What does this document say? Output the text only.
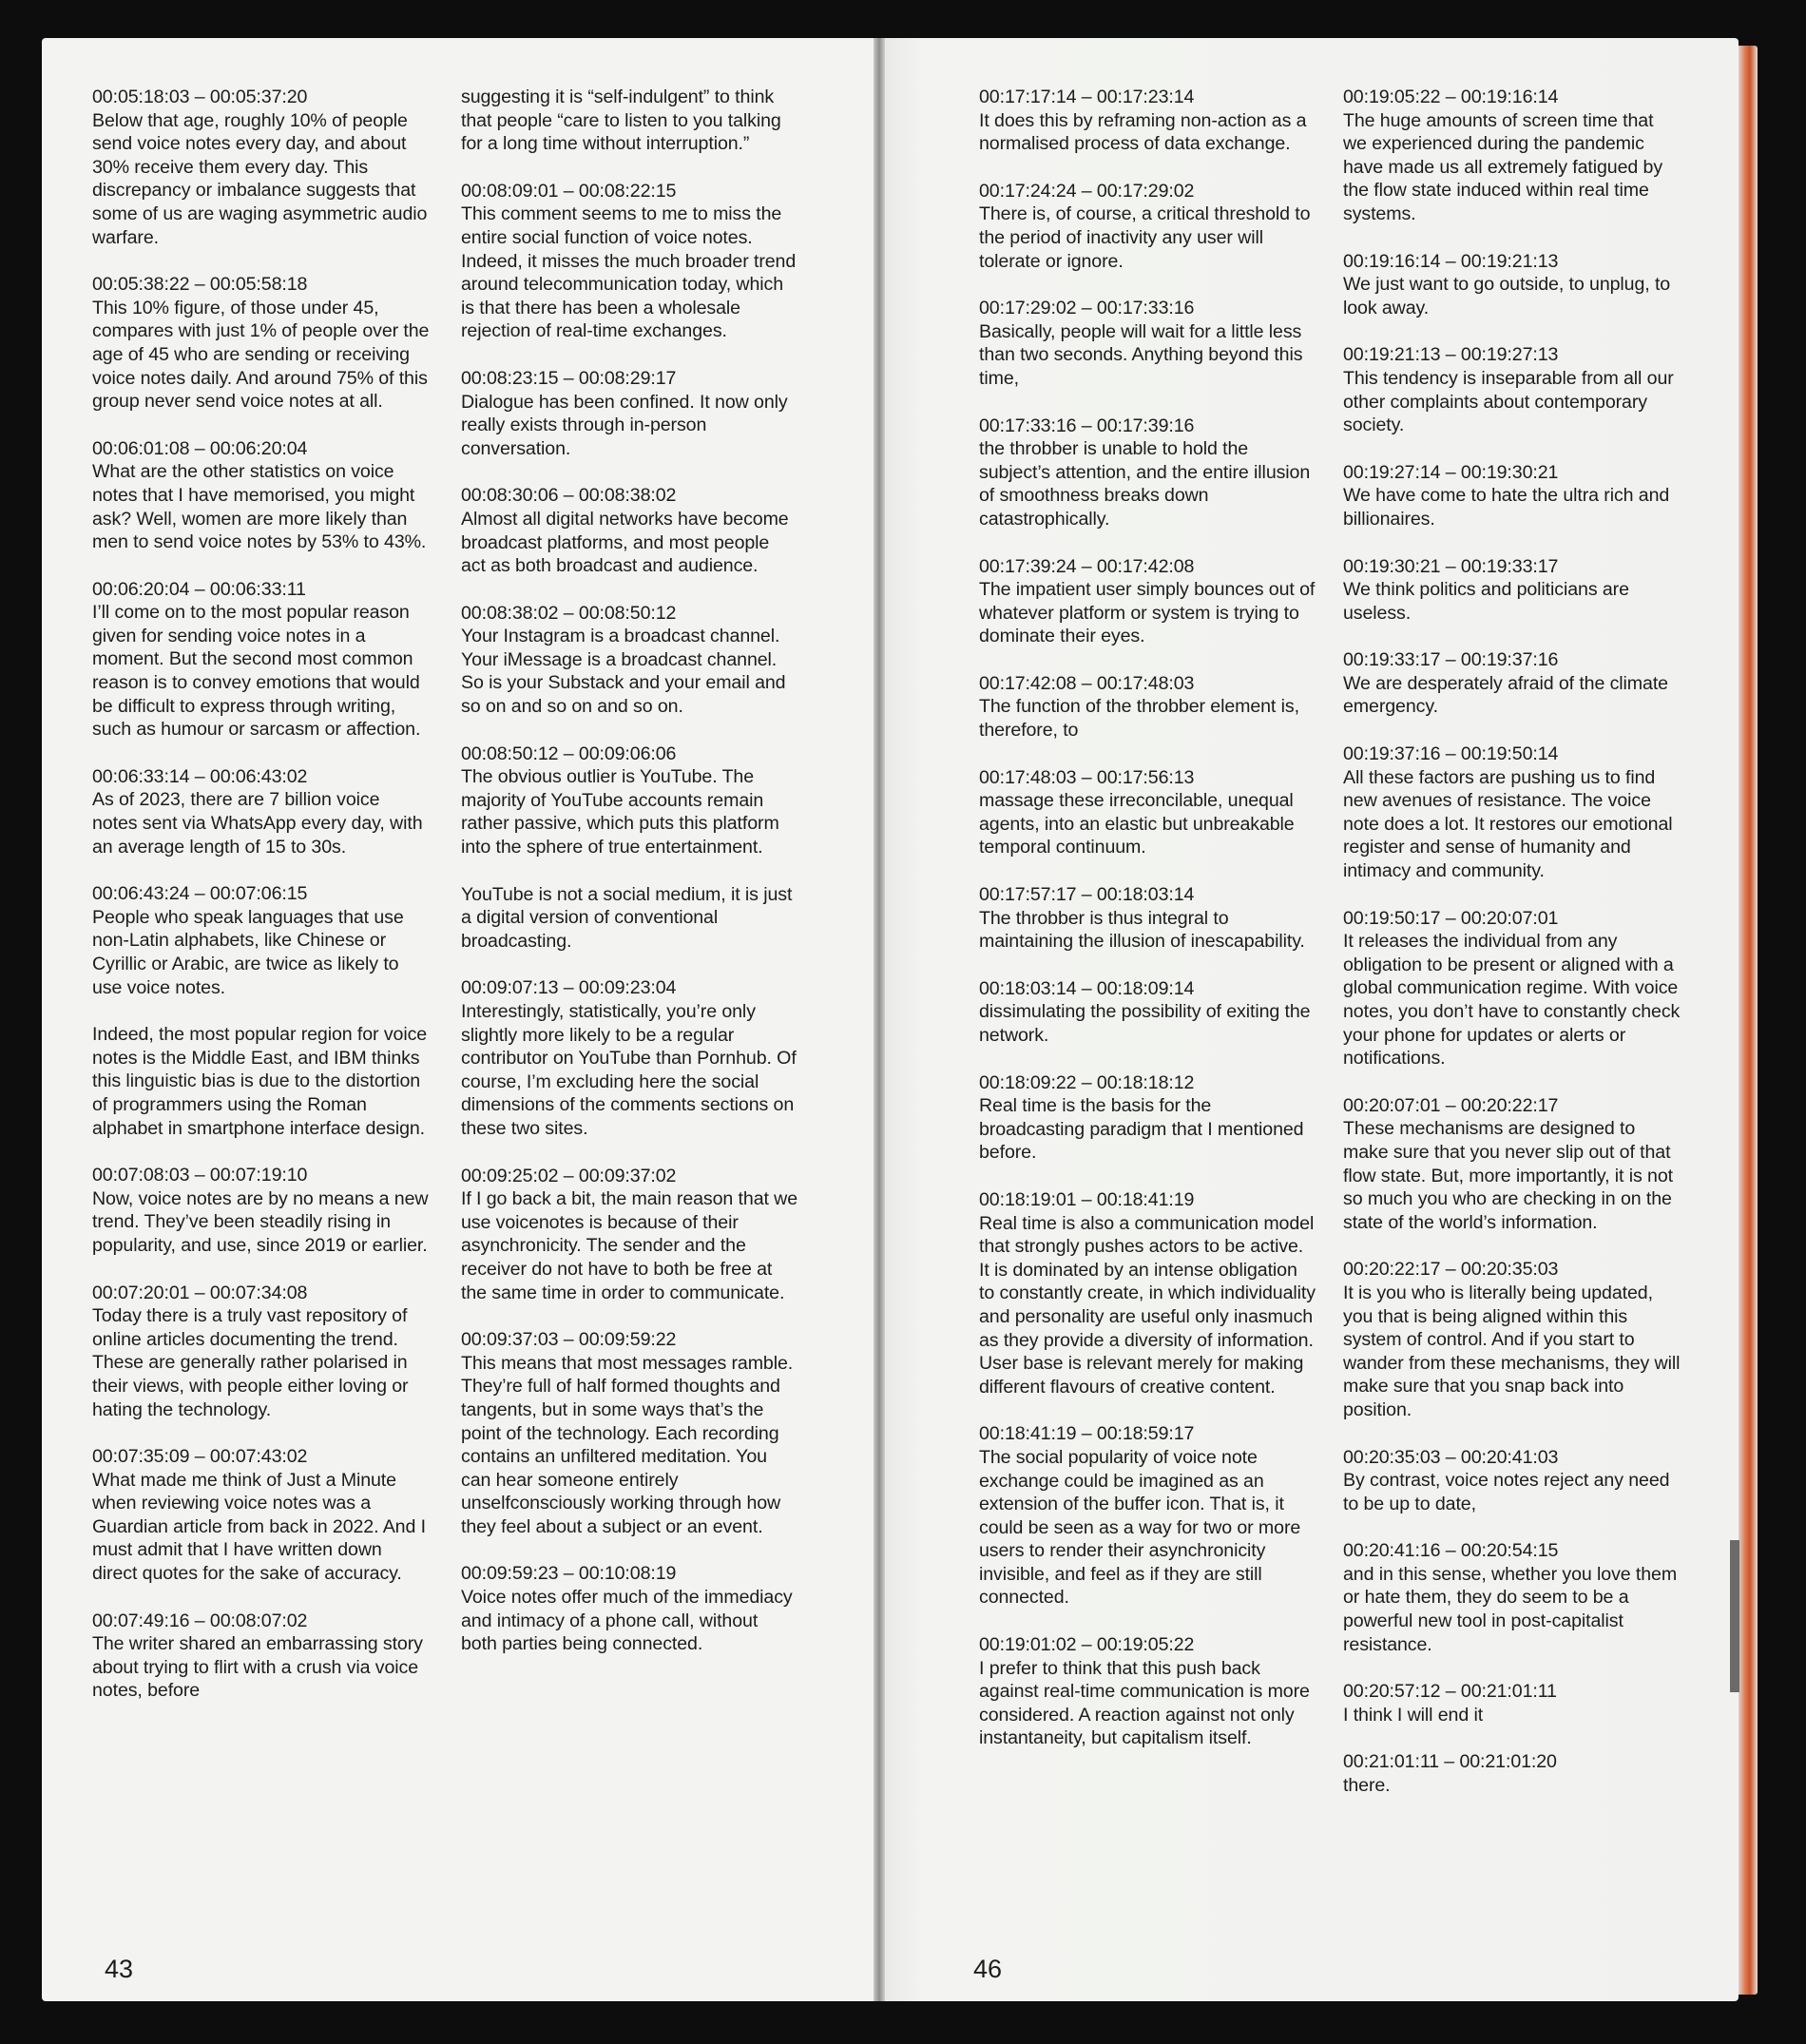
00:05:18:03 – 00:05:37:20
Below that age, roughly 10% of people send voice notes every day, and about 30% receive them every day. This discrepancy or imbalance suggests that some of us are waging asymmetric audio warfare.
00:05:38:22 – 00:05:58:18
This 10% figure, of those under 45, compares with just 1% of people over the age of 45 who are sending or receiving voice notes daily. And around 75% of this group never send voice notes at all.
00:06:01:08 – 00:06:20:04
What are the other statistics on voice notes that I have memorised, you might ask? Well, women are more likely than men to send voice notes by 53% to 43%.
00:06:20:04 – 00:06:33:11
I’ll come on to the most popular reason given for sending voice notes in a moment. But the second most common reason is to convey emotions that would be difficult to express through writing, such as humour or sarcasm or affection.
00:06:33:14 – 00:06:43:02
As of 2023, there are 7 billion voice notes sent via WhatsApp every day, with an average length of 15 to 30s.
00:06:43:24 – 00:07:06:15
People who speak languages that use non-Latin alphabets, like Chinese or Cyrillic or Arabic, are twice as likely to use voice notes.
Indeed, the most popular region for voice notes is the Middle East, and IBM thinks this linguistic bias is due to the distortion of programmers using the Roman alphabet in smartphone interface design.
00:07:08:03 – 00:07:19:10
Now, voice notes are by no means a new trend. They’ve been steadily rising in popularity, and use, since 2019 or earlier.
00:07:20:01 – 00:07:34:08
Today there is a truly vast repository of online articles documenting the trend. These are generally rather polarised in their views, with people either loving or hating the technology.
00:07:35:09 – 00:07:43:02
What made me think of Just a Minute when reviewing voice notes was a Guardian article from back in 2022. And I must admit that I have written down direct quotes for the sake of accuracy.
00:07:49:16 – 00:08:07:02
The writer shared an embarrassing story about trying to flirt with a crush via voice notes, before
suggesting it is “self-indulgent” to think that people “care to listen to you talking for a long time without interruption.”
00:08:09:01 – 00:08:22:15
This comment seems to me to miss the entire social function of voice notes. Indeed, it misses the much broader trend around telecommunication today, which is that there has been a wholesale rejection of real-time exchanges.
00:08:23:15 – 00:08:29:17
Dialogue has been confined. It now only really exists through in-person conversation.
00:08:30:06 – 00:08:38:02
Almost all digital networks have become broadcast platforms, and most people act as both broadcast and audience.
00:08:38:02 – 00:08:50:12
Your Instagram is a broadcast channel. Your iMessage is a broadcast channel. So is your Substack and your email and so on and so on and so on.
00:08:50:12 – 00:09:06:06
The obvious outlier is YouTube. The majority of YouTube accounts remain rather passive, which puts this platform into the sphere of true entertainment.
YouTube is not a social medium, it is just a digital version of conventional broadcasting.
00:09:07:13 – 00:09:23:04
Interestingly, statistically, you’re only slightly more likely to be a regular contributor on YouTube than Pornhub. Of course, I’m excluding here the social dimensions of the comments sections on these two sites.
00:09:25:02 – 00:09:37:02
If I go back a bit, the main reason that we use voicenotes is because of their asynchronicity. The sender and the receiver do not have to both be free at the same time in order to communicate.
00:09:37:03 – 00:09:59:22
This means that most messages ramble. They’re full of half formed thoughts and tangents, but in some ways that’s the point of the technology. Each recording contains an unfiltered meditation. You can hear someone entirely unselfconsciously working through how they feel about a subject or an event.
00:09:59:23 – 00:10:08:19
Voice notes offer much of the immediacy and intimacy of a phone call, without both parties being connected.
43
00:17:17:14 – 00:17:23:14
It does this by reframing non-action as a normalised process of data exchange.
00:17:24:24 – 00:17:29:02
There is, of course, a critical threshold to the period of inactivity any user will tolerate or ignore.
00:17:29:02 – 00:17:33:16
Basically, people will wait for a little less than two seconds. Anything beyond this time,
00:17:33:16 – 00:17:39:16
the throbber is unable to hold the subject’s attention, and the entire illusion of smoothness breaks down catastrophically.
00:17:39:24 – 00:17:42:08
The impatient user simply bounces out of whatever platform or system is trying to dominate their eyes.
00:17:42:08 – 00:17:48:03
The function of the throbber element is, therefore, to
00:17:48:03 – 00:17:56:13
massage these irreconcilable, unequal agents, into an elastic but unbreakable temporal continuum.
00:17:57:17 – 00:18:03:14
The throbber is thus integral to maintaining the illusion of inescapability.
00:18:03:14 – 00:18:09:14
dissimulating the possibility of exiting the network.
00:18:09:22 – 00:18:18:12
Real time is the basis for the broadcasting paradigm that I mentioned before.
00:18:19:01 – 00:18:41:19
Real time is also a communication model that strongly pushes actors to be active. It is dominated by an intense obligation to constantly create, in which individuality and personality are useful only inasmuch as they provide a diversity of information. User base is relevant merely for making different flavours of creative content.
00:18:41:19 – 00:18:59:17
The social popularity of voice note exchange could be imagined as an extension of the buffer icon. That is, it could be seen as a way for two or more users to render their asynchronicity invisible, and feel as if they are still connected.
00:19:01:02 – 00:19:05:22
I prefer to think that this push back against real-time communication is more considered. A reaction against not only instantaneity, but capitalism itself.
00:19:05:22 – 00:19:16:14
The huge amounts of screen time that we experienced during the pandemic have made us all extremely fatigued by the flow state induced within real time systems.
00:19:16:14 – 00:19:21:13
We just want to go outside, to unplug, to look away.
00:19:21:13 – 00:19:27:13
This tendency is inseparable from all our other complaints about contemporary society.
00:19:27:14 – 00:19:30:21
We have come to hate the ultra rich and billionaires.
00:19:30:21 – 00:19:33:17
We think politics and politicians are useless.
00:19:33:17 – 00:19:37:16
We are desperately afraid of the climate emergency.
00:19:37:16 – 00:19:50:14
All these factors are pushing us to find new avenues of resistance. The voice note does a lot. It restores our emotional register and sense of humanity and intimacy and community.
00:19:50:17 – 00:20:07:01
It releases the individual from any obligation to be present or aligned with a global communication regime. With voice notes, you don’t have to constantly check your phone for updates or alerts or notifications.
00:20:07:01 – 00:20:22:17
These mechanisms are designed to make sure that you never slip out of that flow state. But, more importantly, it is not so much you who are checking in on the state of the world’s information.
00:20:22:17 – 00:20:35:03
It is you who is literally being updated, you that is being aligned within this system of control. And if you start to wander from these mechanisms, they will make sure that you snap back into position.
00:20:35:03 – 00:20:41:03
By contrast, voice notes reject any need to be up to date,
00:20:41:16 – 00:20:54:15
and in this sense, whether you love them or hate them, they do seem to be a powerful new tool in post-capitalist resistance.
00:20:57:12 – 00:21:01:11
I think I will end it
00:21:01:11 – 00:21:01:20
there.
46
